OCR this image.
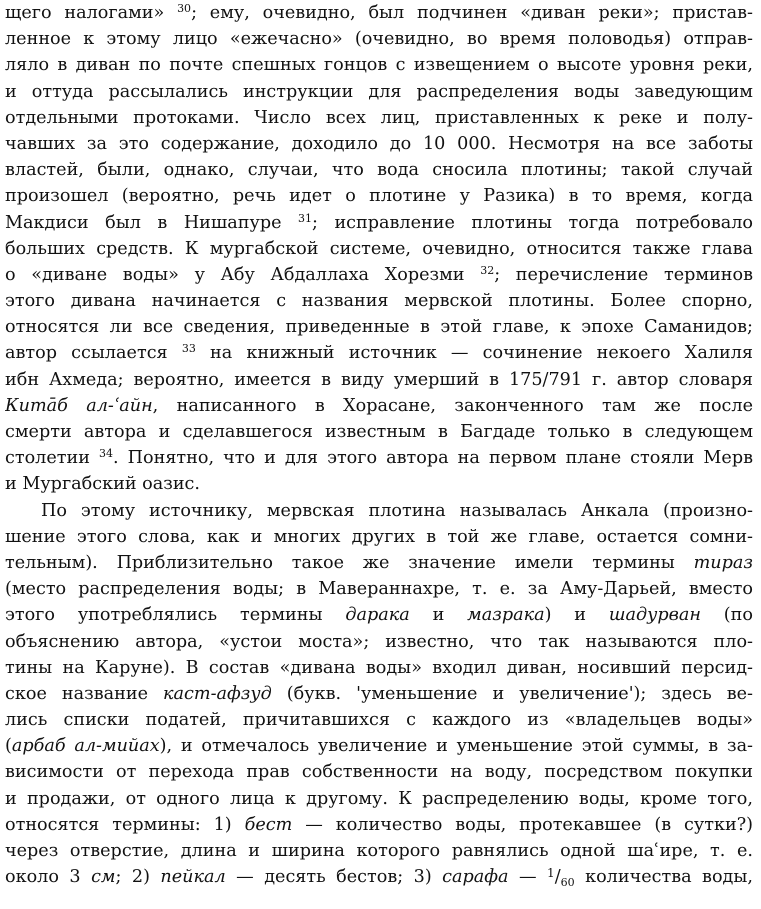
щего налогами» $^{30}$; ему, очевидно, был подчинен «диван реки»; пристав-
ленное к этому лицо «ежечасно» (очевидно, во время половодья) отправ-
ляло в диван по почте спешных гонцов с извещением о высоте уровня реки,
и оттуда рассылались инструкции для распределения воды заведующим
отдельными протоками. Число всех лиц, приставленных к реке и полу-
чавших за это содержание, доходило до 10 000. Несмотря на все заботы
властей, были, однако, случаи, что вода сносила плотины; такой случай
произошел (вероятно, речь идет о плотине у Разика) в то время, когда
Макдиси был в Нишапуре $^{31}$; исправление плотины тогда потребовало
больших средств. К мургабской системе, очевидно, относится также глава
о «диване воды» у Абу Абдаллаха Хорезми $^{32}$; перечисление терминов
этого дивана начинается с названия мервской плотины. Более спорно,
относятся ли все сведения, приведенные в этой главе, к эпохе Саманидов;
автор ссылается $^{33}$ на книжный источник — сочинение некоего Халиля
ибн Ахмеда; вероятно, имеется в виду умерший в 175/791 г. автор словаря
Китāб ал-ʿайн, написанного в Хорасане, законченного там же после
смерти автора и сделавшегося известным в Багдаде только в следующем
столетии $^{34}$. Понятно, что и для этого автора на первом плане стояли Мерв
и Мургабский оазис.
По этому источнику, мервская плотина называлась Анкала (произно-
шение этого слова, как и многих других в той же главе, остается сомни-
тельным). Приблизительно такое же значение имели термины тираз
(место распределения воды; в Мавераннахре, т. е. за Аму-Дарьей, вместо
этого употреблялись термины дарака и мазрака) и шадурван (по
объяснению автора, «устои моста»; известно, что так называются пло-
тины на Каруне). В состав «дивана воды» входил диван, носивший персид-
ское название каст-афзуд (букв. 'уменьшение и увеличение'); здесь ве-
лись списки податей, причитавшихся с каждого из «владельцев воды»
(арбаб ал-мийах), и отмечалось увеличение и уменьшение этой суммы, в за-
висимости от перехода прав собственности на воду, посредством покупки
и продажи, от одного лица к другому. К распределению воды, кроме того,
относятся термины: 1) бест — количество воды, протекавшее (в сутки?)
через отверстие, длина и ширина которого равнялись одной шаʿире, т. е.
около 3 см; 2) пейкал — десять бестов; 3) сарафа — $^1/_{60}$ количества воды,
